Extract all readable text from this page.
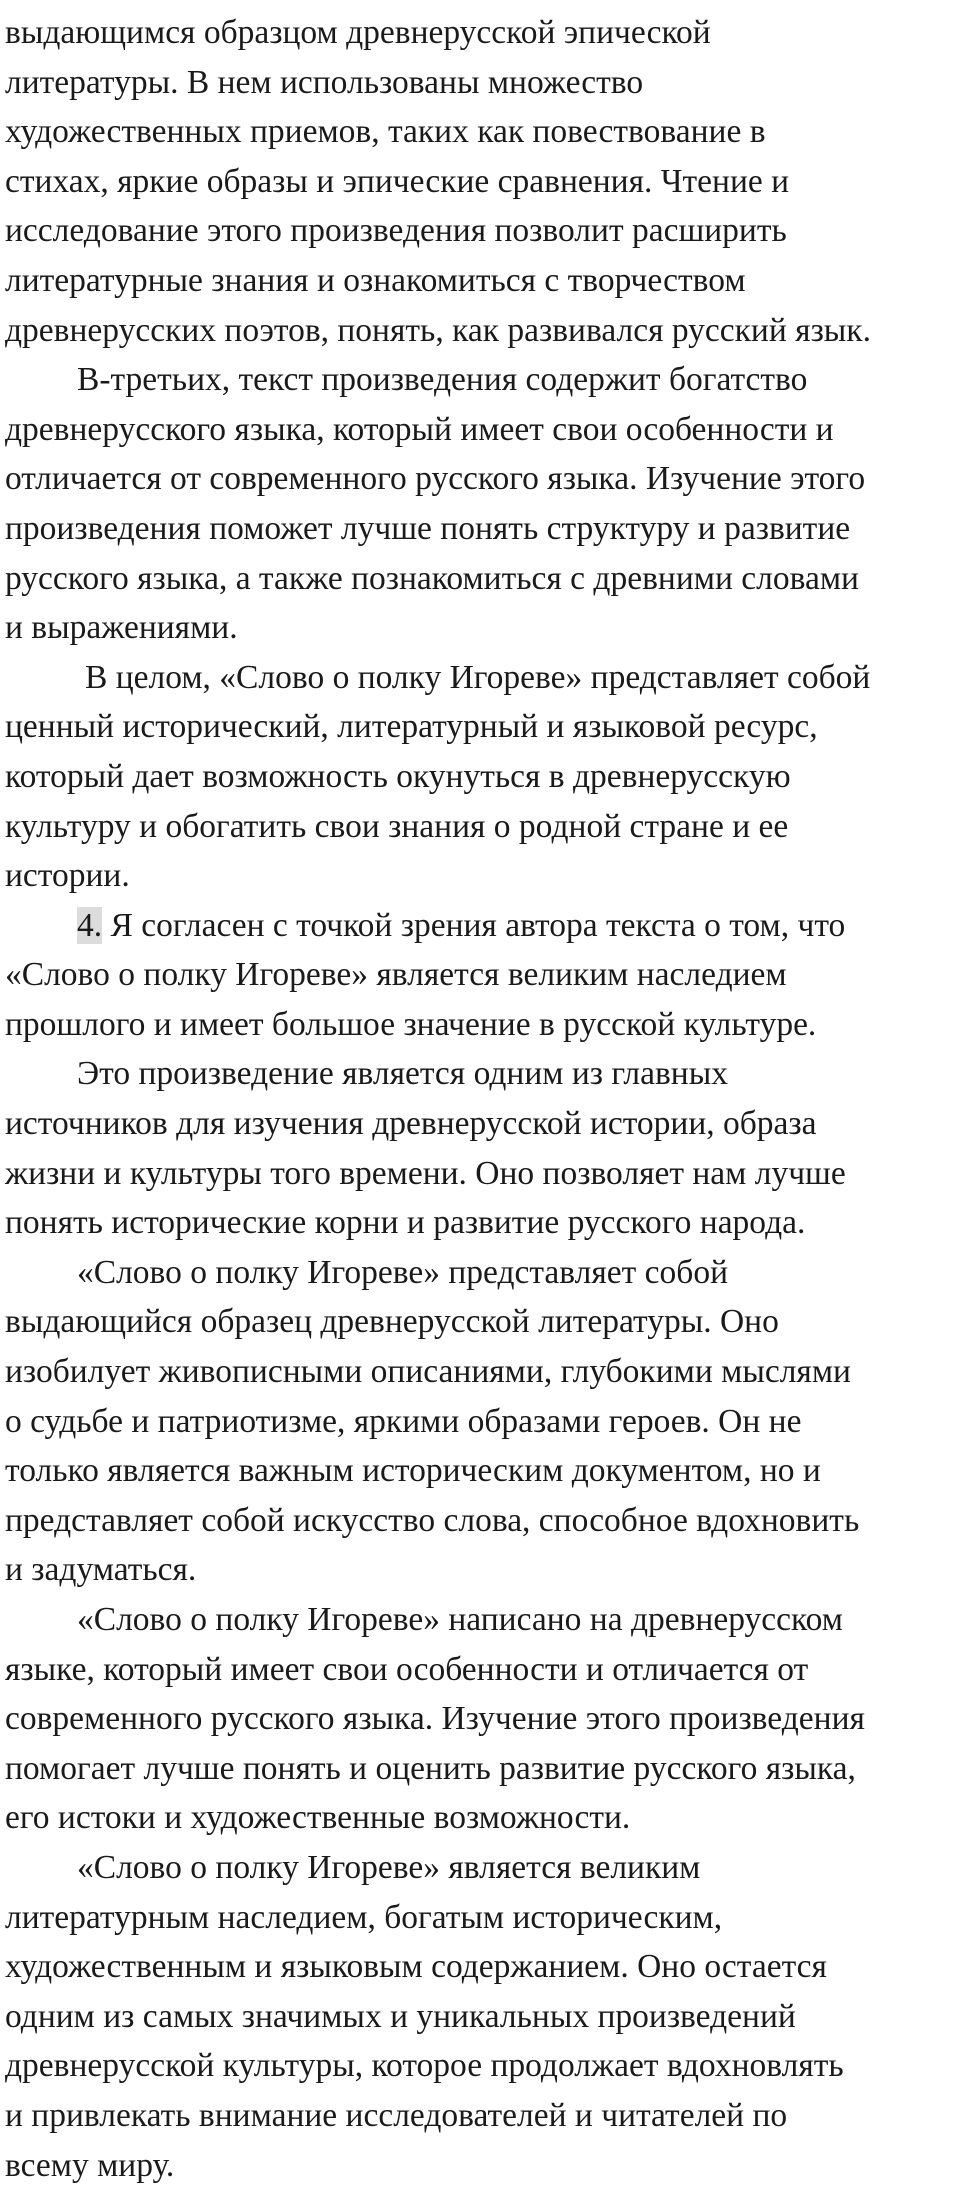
выдающимся образцом древнерусской эпической
литературы. В нем использованы множество
художественных приемов, таких как повествование в
стихах, яркие образы и эпические сравнения. Чтение и
исследование этого произведения позволит расширить
литературные знания и ознакомиться с творчеством
древнерусских поэтов, понять, как развивался русский язык.
В-третьих, текст произведения содержит богатство
древнерусского языка, который имеет свои особенности и
отличается от современного русского языка. Изучение этого
произведения поможет лучше понять структуру и развитие
русского языка, а также познакомиться с древними словами
и выражениями.
В целом, «Слово о полку Игореве» представляет собой
ценный исторический, литературный и языковой ресурс,
который дает возможность окунуться в древнерусскую
культуру и обогатить свои знания о родной стране и ее
истории.
4. Я согласен с точкой зрения автора текста о том, что
«Слово о полку Игореве» является великим наследием
прошлого и имеет большое значение в русской культуре.
Это произведение является одним из главных
источников для изучения древнерусской истории, образа
жизни и культуры того времени. Оно позволяет нам лучше
понять исторические корни и развитие русского народа.
«Слово о полку Игореве» представляет собой
выдающийся образец древнерусской литературы. Оно
изобилует живописными описаниями, глубокими мыслями
о судьбе и патриотизме, яркими образами героев. Он не
только является важным историческим документом, но и
представляет собой искусство слова, способное вдохновить
и задуматься.
«Слово о полку Игореве» написано на древнерусском
языке, который имеет свои особенности и отличается от
современного русского языка. Изучение этого произведения
помогает лучше понять и оценить развитие русского языка,
его истоки и художественные возможности.
«Слово о полку Игореве» является великим
литературным наследием, богатым историческим,
художественным и языковым содержанием. Оно остается
одним из самых значимых и уникальных произведений
древнерусской культуры, которое продолжает вдохновлять
и привлекать внимание исследователей и читателей по
всему миру.
